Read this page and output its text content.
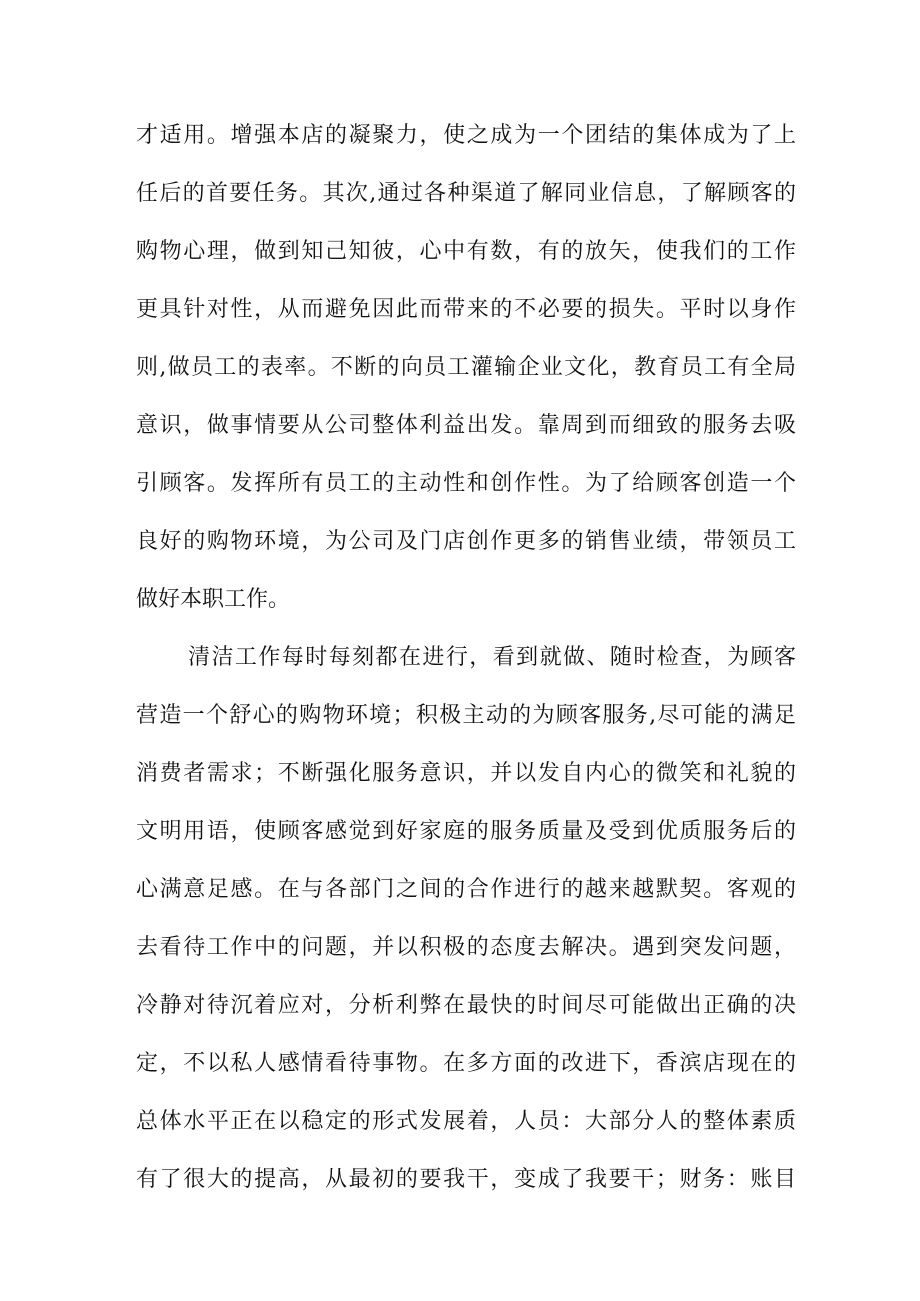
才适用。增强本店的凝聚力，使之成为一个团结的集体成为了上
任后的首要任务。其次,通过各种渠道了解同业信息，了解顾客的
购物心理，做到知己知彼，心中有数，有的放矢，使我们的工作
更具针对性，从而避免因此而带来的不必要的损失。平时以身作
则,做员工的表率。不断的向员工灌输企业文化，教育员工有全局
意识，做事情要从公司整体利益出发。靠周到而细致的服务去吸
引顾客。发挥所有员工的主动性和创作性。为了给顾客创造一个
良好的购物环境，为公司及门店创作更多的销售业绩，带领员工
做好本职工作。
清洁工作每时每刻都在进行，看到就做、随时检查，为顾客
营造一个舒心的购物环境；积极主动的为顾客服务,尽可能的满足
消费者需求；不断强化服务意识，并以发自内心的微笑和礼貌的
文明用语，使顾客感觉到好家庭的服务质量及受到优质服务后的
心满意足感。在与各部门之间的合作进行的越来越默契。客观的
去看待工作中的问题，并以积极的态度去解决。遇到突发问题，
冷静对待沉着应对，分析利弊在最快的时间尽可能做出正确的决
定，不以私人感情看待事物。在多方面的改进下，香滨店现在的
总体水平正在以稳定的形式发展着，人员：大部分人的整体素质
有了很大的提高，从最初的要我干，变成了我要干；财务：账目
